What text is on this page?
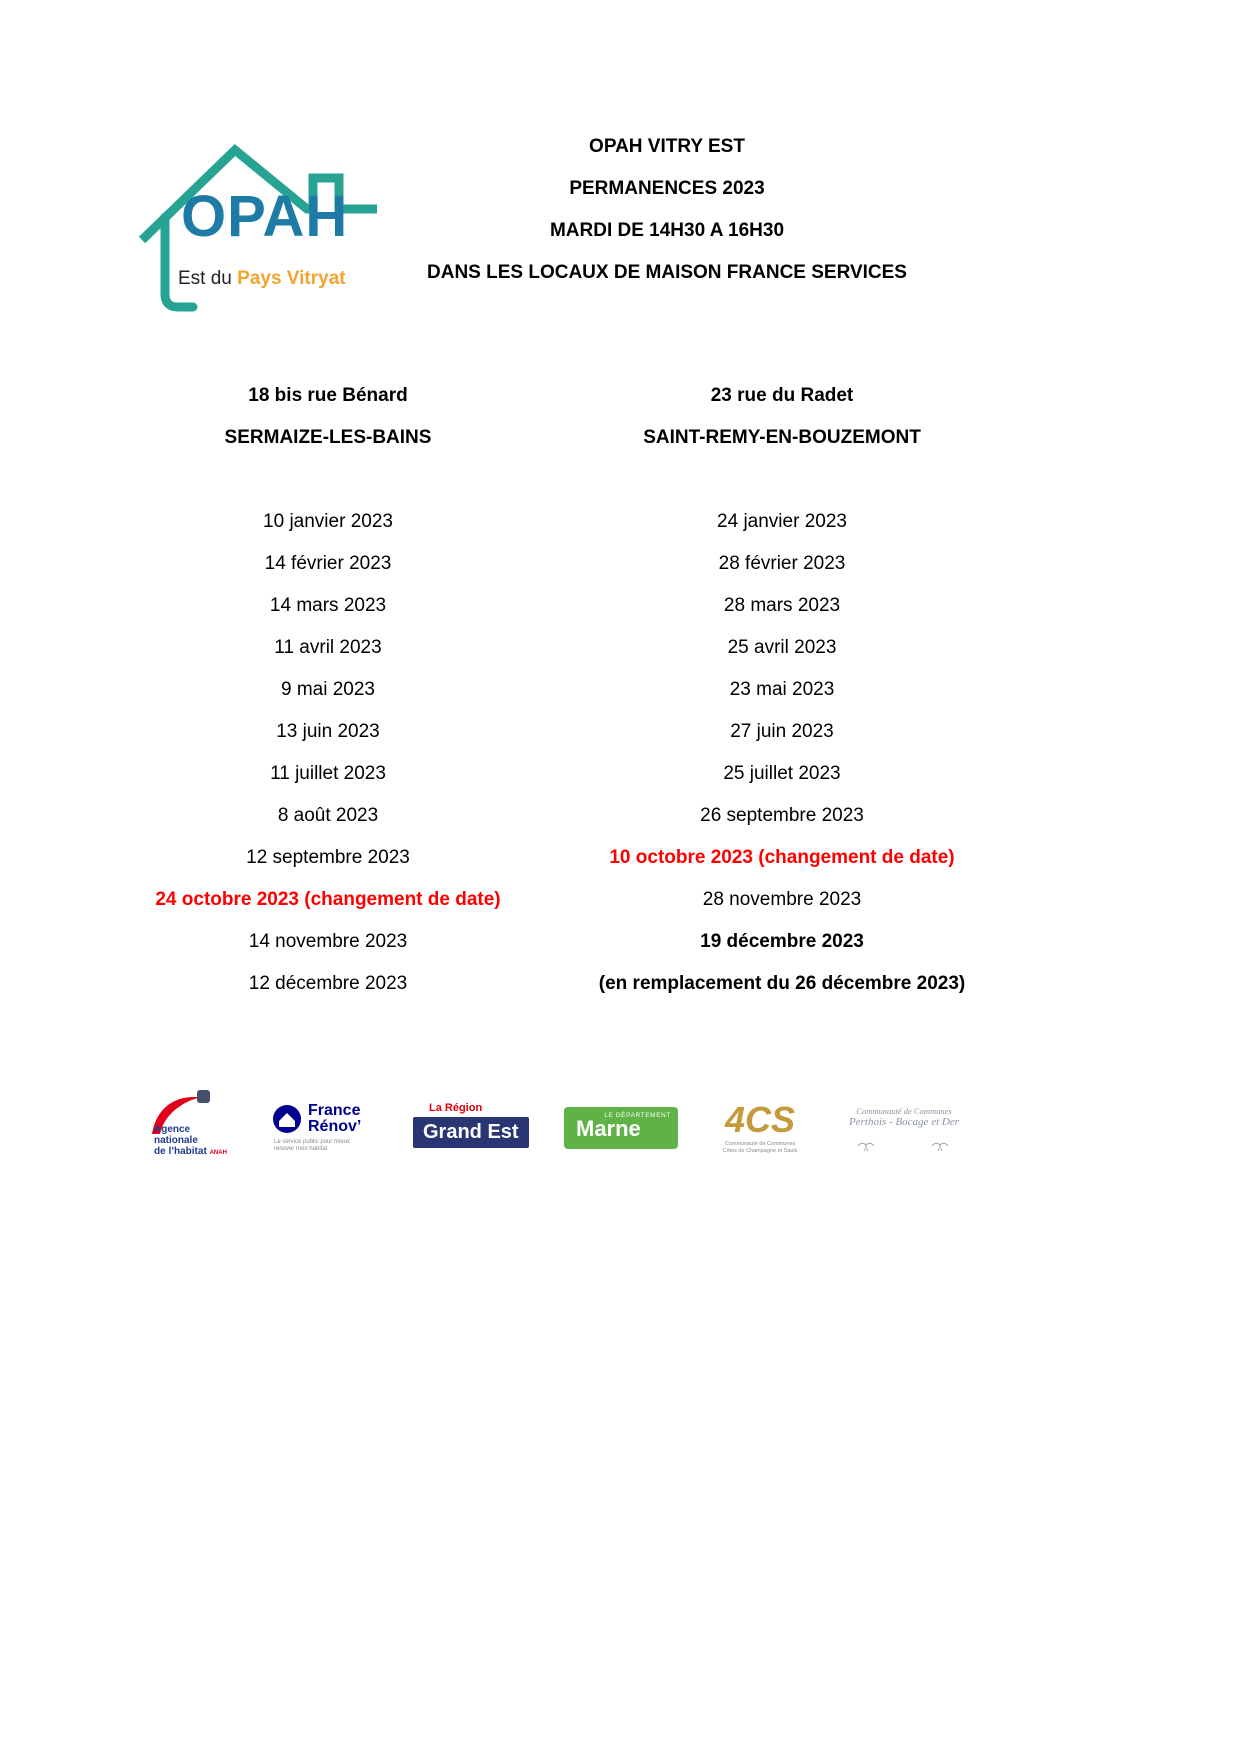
OPAH
Est du Pays Vitryat
OPAH VITRY EST
PERMANENCES 2023
MARDI DE 14H30 A 16H30
DANS LES LOCAUX DE MAISON FRANCE SERVICES
18 bis rue Bénard
SERMAIZE-LES-BAINS
10 janvier 2023
14 février 2023
14 mars 2023
11 avril 2023
9 mai 2023
13 juin 2023
11 juillet 2023
8 août 2023
12 septembre 2023
24 octobre 2023 (changement de date)
14 novembre 2023
12 décembre 2023
23 rue du Radet
SAINT-REMY-EN-BOUZEMONT
24 janvier 2023
28 février 2023
28 mars 2023
25 avril 2023
23 mai 2023
27 juin 2023
25 juillet 2023
26 septembre 2023
10 octobre 2023 (changement de date)
28 novembre 2023
19 décembre 2023
(en remplacement du 26 décembre 2023)
Agence
nationale
de l’habitat ANAH
France
Rénov’
Le service public pour mieux
rénover mon habitat
La Région
Grand Est
LE DÉPARTEMENT
Marne 4CS
Communauté de Communes
Côtes de Champagne et Saulx
Communauté de Communes
Perthois - Bocage et Der
